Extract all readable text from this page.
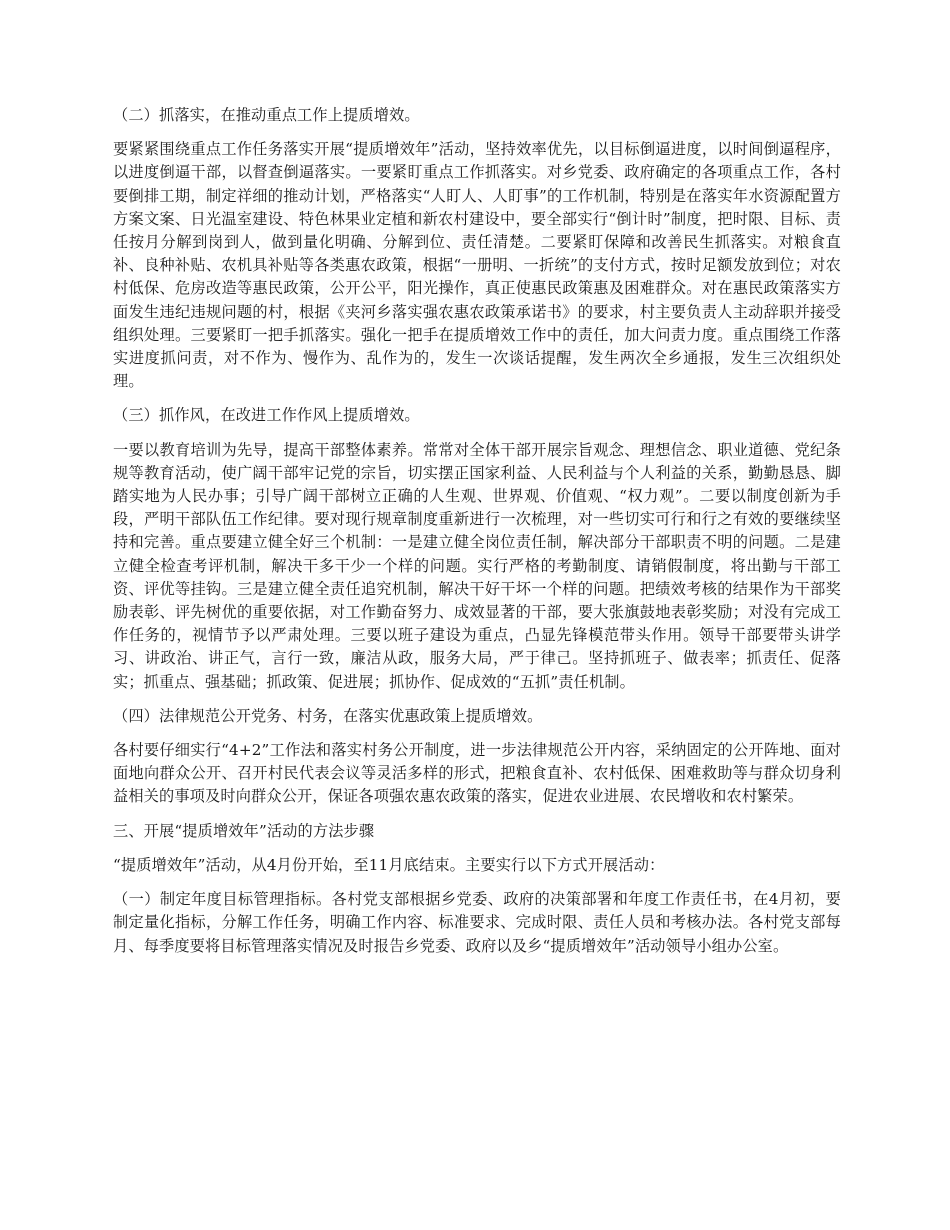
（二）抓落实，在推动重点工作上提质增效。

要紧紧围绕重点工作任务落实开展“提质增效年”活动，坚持效率优先，以目标倒逼进度，以时间倒逼程序，以进度倒逼干部，以督查倒逼落实。一要紧盯重点工作抓落实。对乡党委、政府确定的各项重点工作，各村要倒排工期，制定祥细的推动计划，严格落实“人盯人、人盯事”的工作机制，特别是在落实年水资源配置方方案文案、日光温室建设、特色林果业定植和新农村建设中，要全部实行“倒计时”制度，把时限、目标、责任按月分解到岗到人，做到量化明确、分解到位、责任清楚。二要紧盯保障和改善民生抓落实。对粮食直补、良种补贴、农机具补贴等各类惠农政策，根据“一册明、一折统”的支付方式，按时足额发放到位；对农村低保、危房改造等惠民政策，公开公平，阳光操作，真正使惠民政策惠及困难群众。对在惠民政策落实方面发生违纪违规问题的村，根据《夹河乡落实强农惠农政策承诺书》的要求，村主要负责人主动辞职并接受组织处理。三要紧盯一把手抓落实。强化一把手在提质增效工作中的责任，加大问责力度。重点围绕工作落实进度抓问责，对不作为、慢作为、乱作为的，发生一次谈话提醒，发生两次全乡通报，发生三次组织处理。

（三）抓作风，在改进工作作风上提质增效。

一要以教育培训为先导，提高干部整体素养。常常对全体干部开展宗旨观念、理想信念、职业道德、党纪条规等教育活动，使广阔干部牢记党的宗旨，切实摆正国家利益、人民利益与个人利益的关系，勤勤恳恳、脚踏实地为人民办事；引导广阔干部树立正确的人生观、世界观、价值观、“权力观”。二要以制度创新为手段，严明干部队伍工作纪律。要对现行规章制度重新进行一次梳理，对一些切实可行和行之有效的要继续坚持和完善。重点要建立健全好三个机制：一是建立健全岗位责任制，解决部分干部职责不明的问题。二是建立健全检查考评机制，解决干多干少一个样的问题。实行严格的考勤制度、请销假制度，将出勤与干部工资、评优等挂钩。三是建立健全责任追究机制，解决干好干坏一个样的问题。把绩效考核的结果作为干部奖励表彰、评先树优的重要依据，对工作勤奋努力、成效显著的干部，要大张旗鼓地表彰奖励；对没有完成工作任务的，视情节予以严肃处理。三要以班子建设为重点，凸显先锋模范带头作用。领导干部要带头讲学习、讲政治、讲正气，言行一致，廉洁从政，服务大局，严于律己。坚持抓班子、做表率；抓责任、促落实；抓重点、强基础；抓政策、促进展；抓协作、促成效的“五抓”责任机制。

（四）法律规范公开党务、村务，在落实优惠政策上提质增效。

各村要仔细实行“4+2”工作法和落实村务公开制度，进一步法律规范公开内容，采纳固定的公开阵地、面对面地向群众公开、召开村民代表会议等灵活多样的形式，把粮食直补、农村低保、困难救助等与群众切身利益相关的事项及时向群众公开，保证各项强农惠农政策的落实，促进农业进展、农民增收和农村繁荣。

三、开展“提质增效年”活动的方法步骤

“提质增效年”活动，从4月份开始，至11月底结束。主要实行以下方式开展活动：

（一）制定年度目标管理指标。各村党支部根据乡党委、政府的决策部署和年度工作责任书，在4月初，要制定量化指标，分解工作任务，明确工作内容、标准要求、完成时限、责任人员和考核办法。各村党支部每月、每季度要将目标管理落实情况及时报告乡党委、政府以及乡“提质增效年”活动领导小组办公室。
